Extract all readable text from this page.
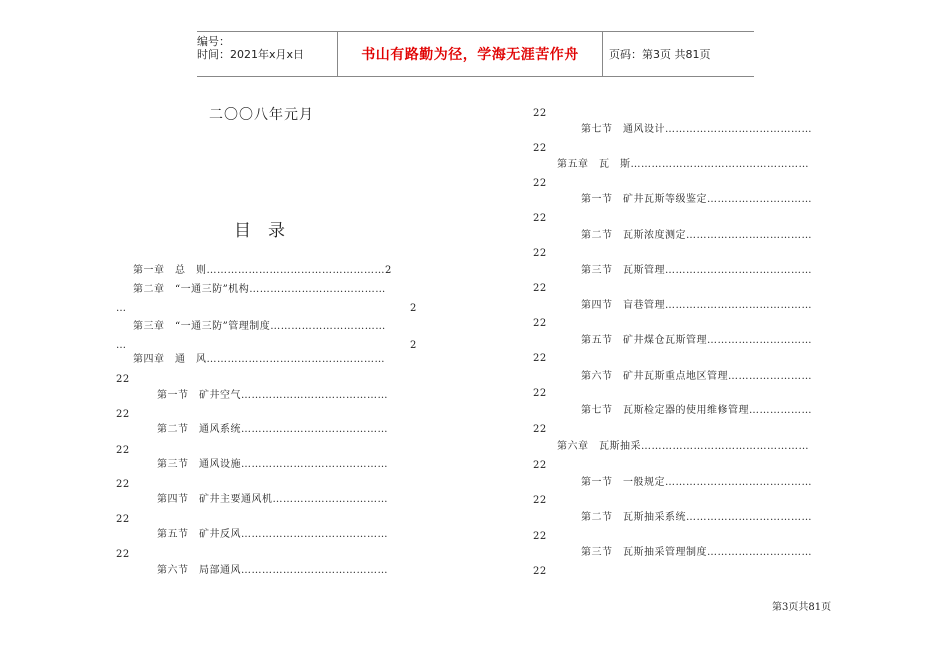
编号：
时间：2021年x月x日	书山有路勤为径，学海无涯苦作舟	页码：第3页 共81页
二〇〇八年元月
目　录
第一章　总　则……………………………………………2
第二章　“一通三防”机构…………………………………
…	2
第三章　“一通三防”管理制度……………………………
…	2
第四章　通　风……………………………………………
22
第一节　矿井空气……………………………………
22
第二节　通风系统……………………………………
22
第三节　通风设施……………………………………
22
第四节　矿井主要通风机……………………………
22
第五节　矿井反风……………………………………
22
第六节　局部通风……………………………………
22
第七节　通风设计……………………………………
22
第五章　瓦　斯……………………………………………
22
第一节　矿井瓦斯等级鉴定…………………………
22
第二节　瓦斯浓度测定………………………………
22
第三节　瓦斯管理……………………………………
22
第四节　盲巷管理……………………………………
22
第五节　矿井煤仓瓦斯管理…………………………
22
第六节　矿井瓦斯重点地区管理……………………
22
第七节　瓦斯检定器的使用维修管理………………
22
第六章　瓦斯抽采…………………………………………
22
第一节　一般规定……………………………………
22
第二节　瓦斯抽采系统………………………………
22
第三节　瓦斯抽采管理制度…………………………
22
第3页共81页
